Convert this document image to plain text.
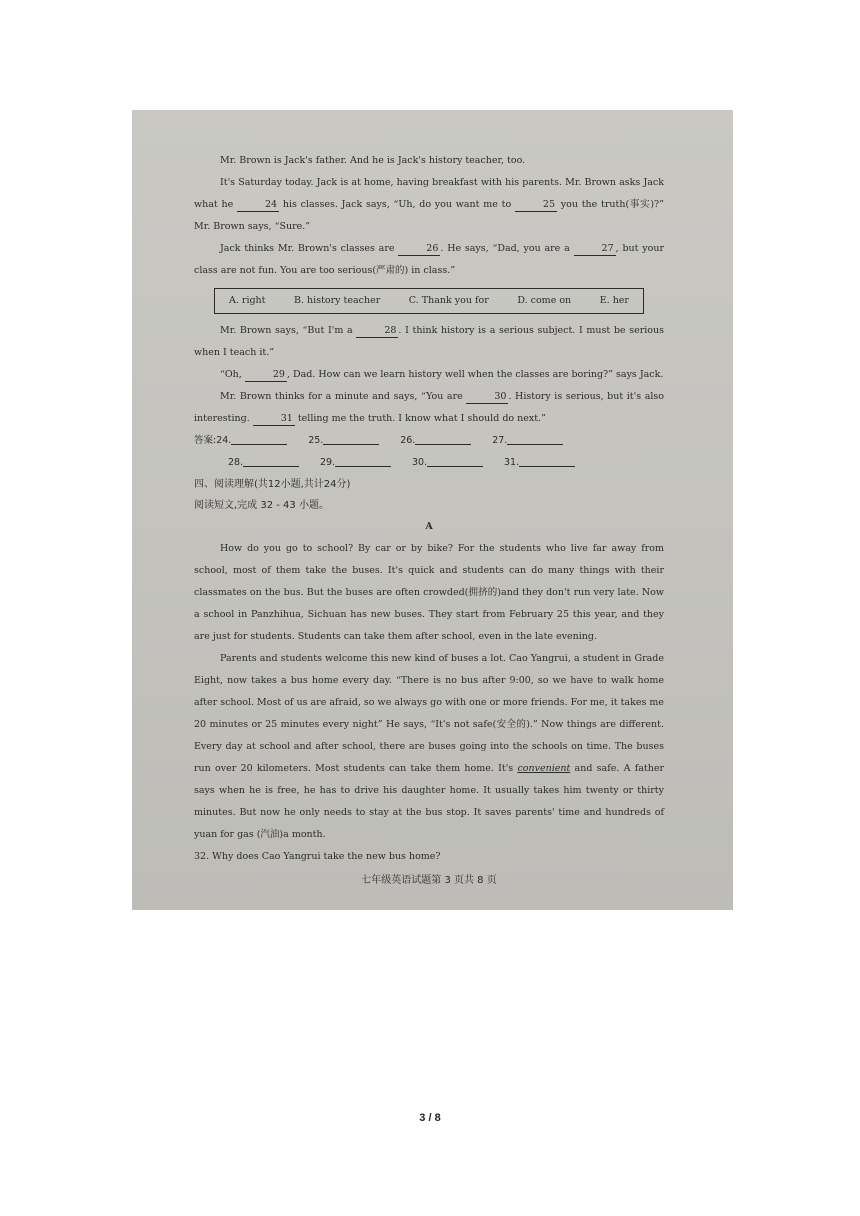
Mr. Brown is Jack's father. And he is Jack's history teacher, too.

It's Saturday today. Jack is at home, having breakfast with his parents. Mr. Brown asks Jack what he	24 his classes. Jack says, “Uh, do you want me to	25 you the truth(事实)?” Mr. Brown says, “Sure.”

Jack thinks Mr. Brown's classes are	26 . He says, “Dad, you are a	27 , but your class are not fun. You are too serious(严肃的) in class.”

A. right	B. history teacher	C. Thank you for	D. come on	E. her

Mr. Brown says, “But I'm a	28 . I think history is a serious subject. I must be serious when I teach it.”

“Oh,	29 , Dad. How can we learn history well when the classes are boring?” says Jack.

Mr. Brown thinks for a minute and says, “You are	30 . History is serious, but it's also interesting.	31 telling me the truth. I know what I should do next.”

答案: 24.	25.	26.	27.
28.	29.	30.	31.
四、阅读理解(共12小题,共计24分)
阅读短文,完成 32 - 43 小题。
A

How do you go to school? By car or by bike? For the students who live far away from school, most of them take the buses. It's quick and students can do many things with their classmates on the bus. But the buses are often crowded(拥挤的)and they don't run very late. Now a school in Panzhihua, Sichuan has new buses. They start from February 25 this year, and they are just for students. Students can take them after school, even in the late evening.

Parents and students welcome this new kind of buses a lot. Cao Yangrui, a student in Grade Eight, now takes a bus home every day. “There is no bus after 9:00, so we have to walk home after school. Most of us are afraid, so we always go with one or more friends. For me, it takes me 20 minutes or 25 minutes every night” He says, “It's not safe(安全的).” Now things are different. Every day at school and after school, there are buses going into the schools on time. The buses run over 20 kilometers. Most students can take them home. It's convenient and safe. A father says when he is free, he has to drive his daughter home. It usually takes him twenty or thirty minutes. But now he only needs to stay at the bus stop. It saves parents' time and hundreds of yuan for gas (汽油)a month.

32. Why does Cao Yangrui take the new bus home?

七年级英语试题第 3 页共 8 页
3 / 8
